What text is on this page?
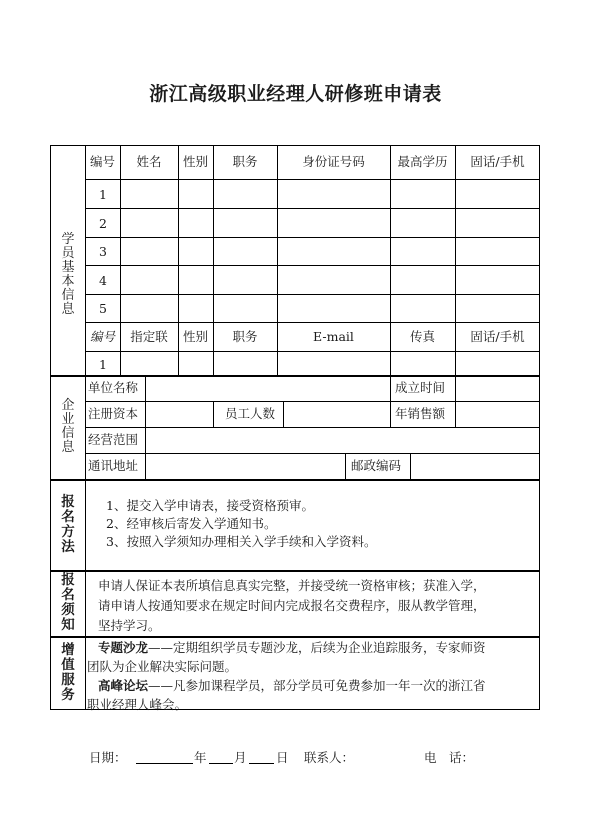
浙江高级职业经理人研修班申请表
学员基本信息
企业信息
报名方法
报名须知
增值服务
编号	姓名	性别	职务	身份证号码	最高学历	固话/手机
1
2
3
4
5
编号	指定联	性别	职务	E-mail	传真	固话/手机
1
单位名称	成立时间
注册资本	员工人数	年销售额
经营范围
通讯地址	邮政编码
1、提交入学申请表，接受资格预审。
2、经审核后寄发入学通知书。
3、按照入学须知办理相关入学手续和入学资料。
申请人保证本表所填信息真实完整，并接受统一资格审核；获准入学，
请申请人按通知要求在规定时间内完成报名交费程序，服从教学管理，
坚持学习。
专题沙龙——定期组织学员专题沙龙，后续为企业追踪服务，专家师资
团队为企业解决实际问题。
高峰论坛——凡参加课程学员，部分学员可免费参加一年一次的浙江省
职业经理人峰会。
日期：	年 月 日 联系人：	电　话：
